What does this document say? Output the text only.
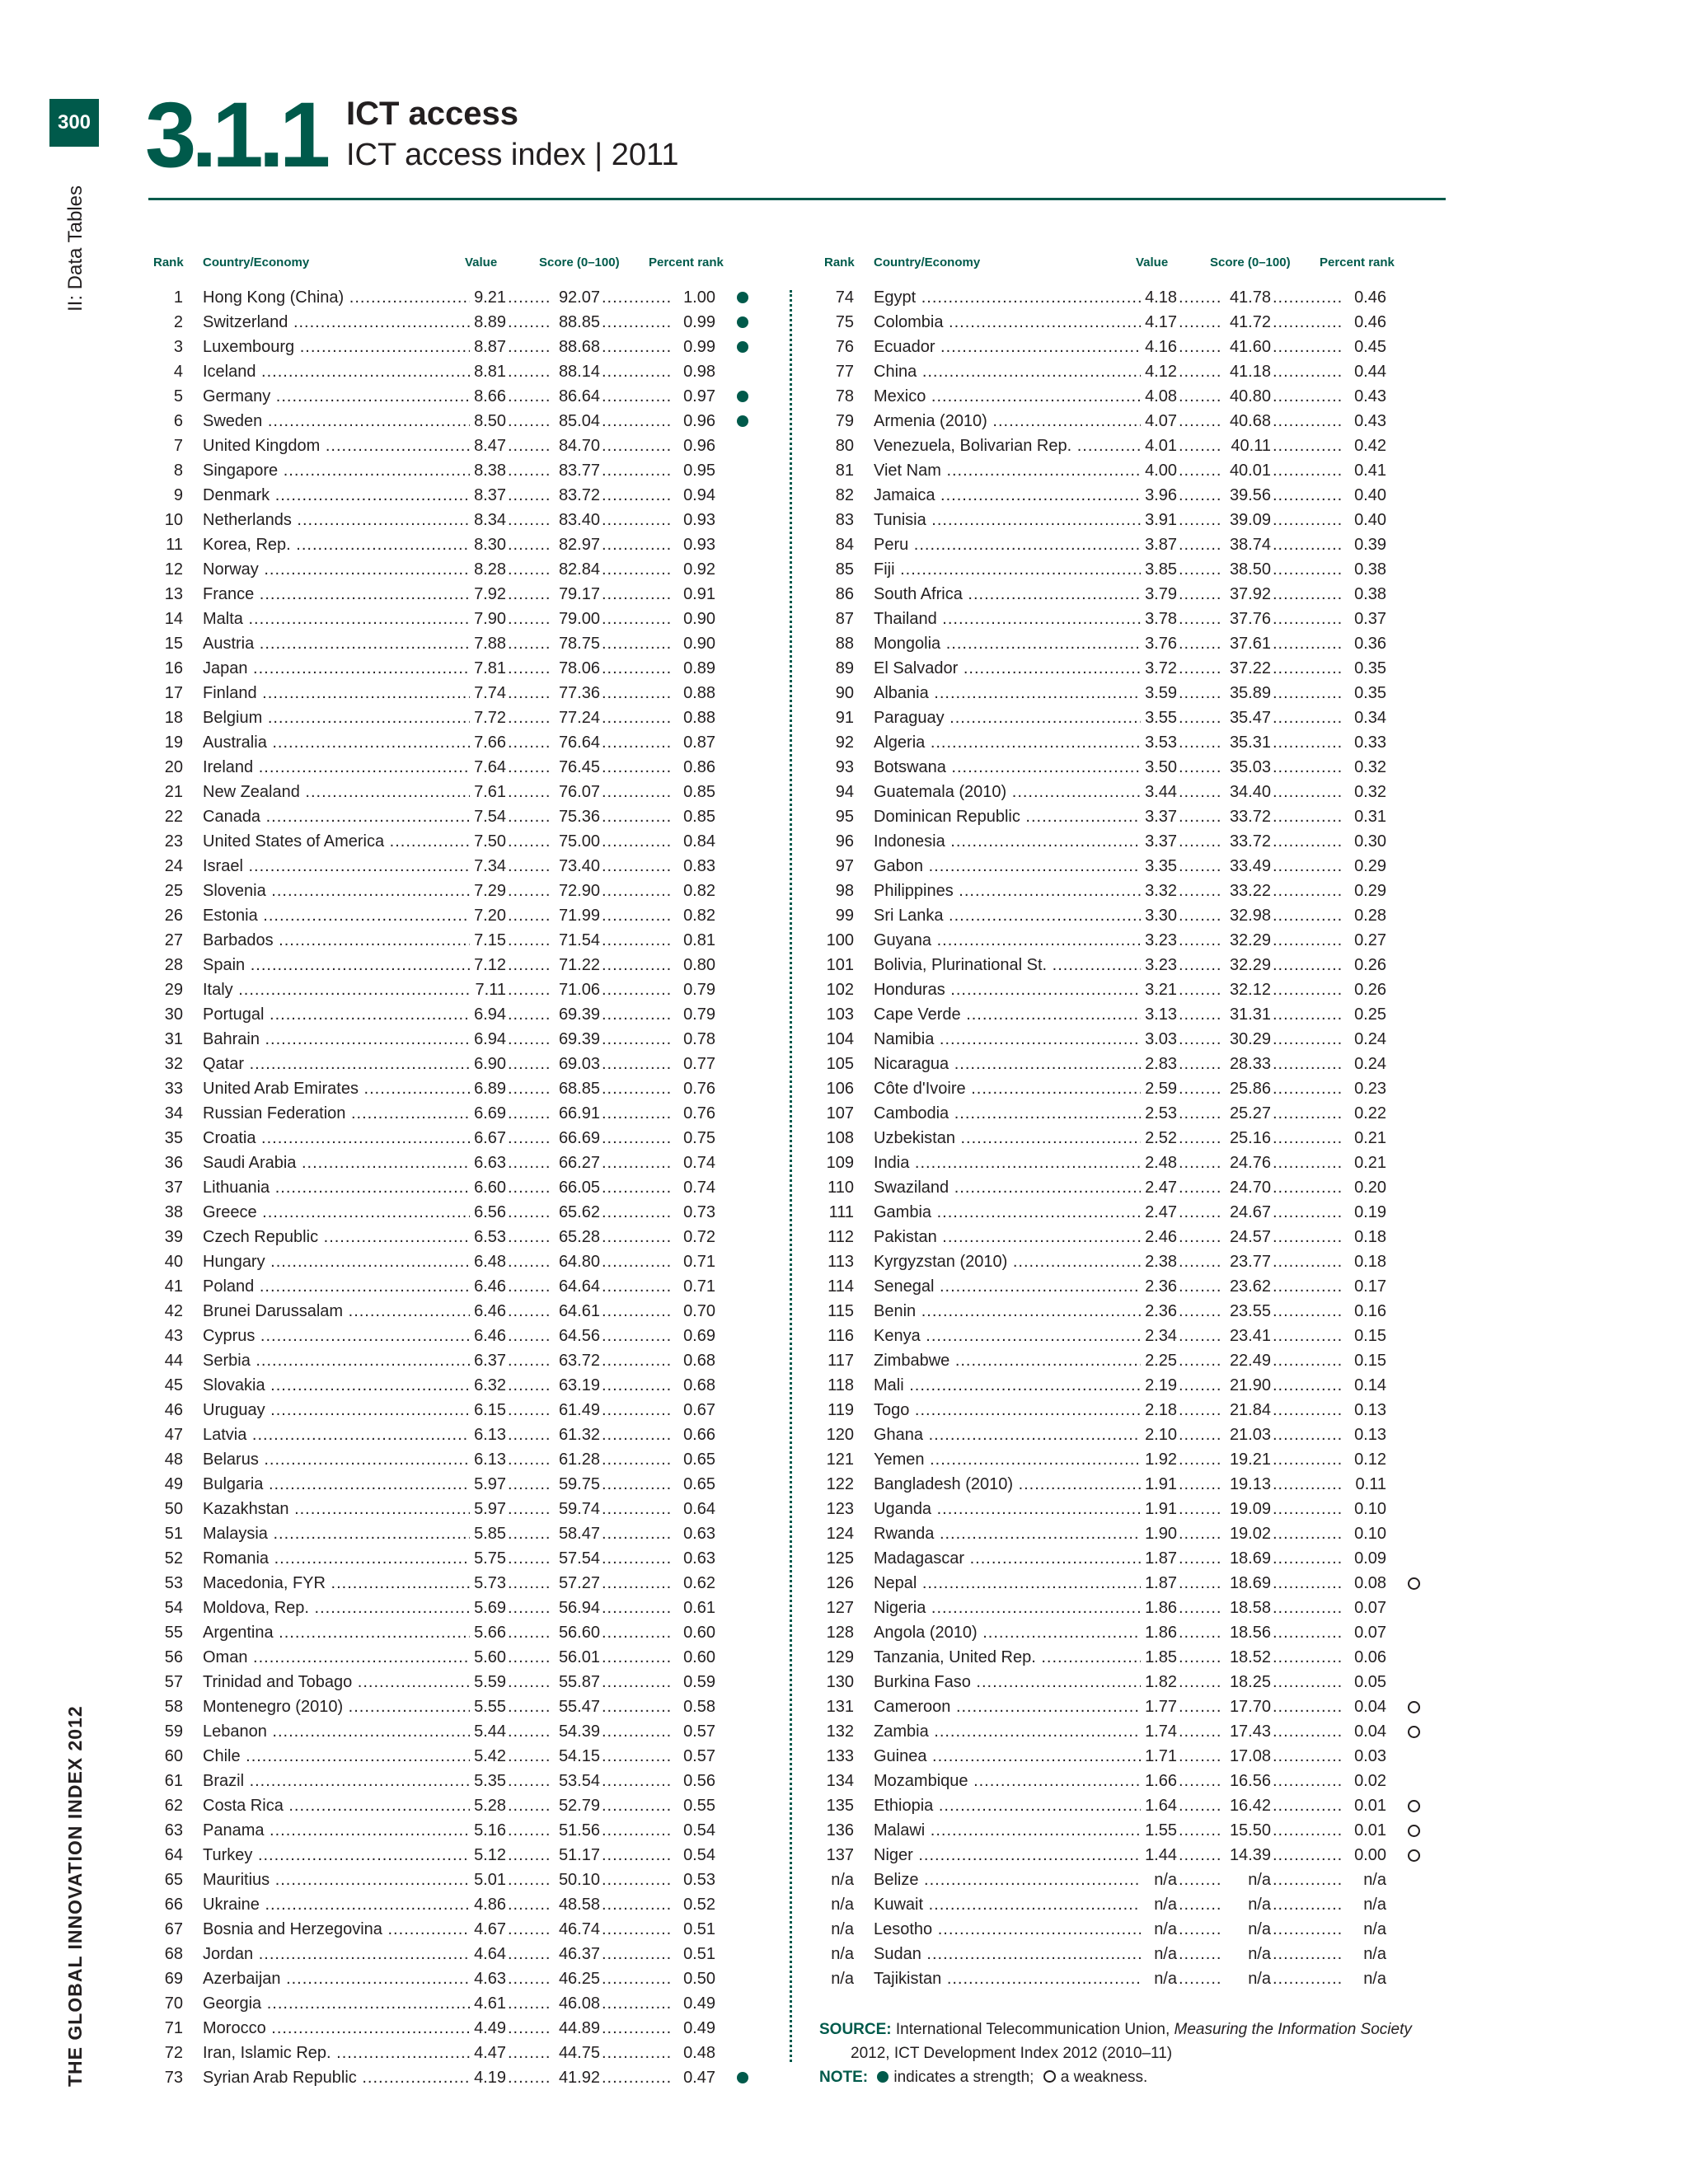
300 3.1.1 ICT access
ICT access index | 2011
II: Data Tables
THE GLOBAL INNOVATION INDEX 2012
Rank Country/Economy	Value	Score (0–100) Percent rank
1 Hong Kong (China) ..... .....	9.21 .....	92.07	1.00
2 Switzerland ..... .....	8.89 .....	88.85	0.99
3 Luxembourg ..... .....	8.87 .....	88.68	0.99
4 Iceland ..... .....	8.81 .....	88.14	0.98
5 Germany ..... .....	8.66 .....	86.64	0.97
6 Sweden ..... .....	8.50 .....	85.04	0.96
7 United Kingdom ..... .....	8.47 .....	84.70	0.96
8 Singapore ..... .....	8.38 .....	83.77	0.95
9 Denmark ..... .....	8.37 .....	83.72	0.94
10 Netherlands ..... .....	8.34 .....	83.40	0.93
11 Korea, Rep. ..... .....	8.30 .....	82.97	0.93
12 Norway ..... .....	8.28 .....	82.84	0.92
13 France ..... .....	7.92 .....	79.17	0.91
14 Malta ..... .....	7.90 .....	79.00	0.90
15 Austria ..... .....	7.88 .....	78.75	0.90
16 Japan ..... .....	7.81 .....	78.06	0.89
17 Finland ..... .....	7.74 .....	77.36	0.88
18 Belgium ..... .....	7.72 .....	77.24	0.88
19 Australia ..... .....	7.66 .....	76.64	0.87
20 Ireland ..... .....	7.64 .....	76.45	0.86
21 New Zealand ..... .....	7.61 .....	76.07	0.85
22 Canada ..... .....	7.54 .....	75.36	0.85
23 United States of America ..... .....	7.50 .....	75.00	0.84
24 Israel ..... .....	7.34 .....	73.40	0.83
25 Slovenia ..... .....	7.29 .....	72.90	0.82
26 Estonia ..... .....	7.20 .....	71.99	0.82
27 Barbados ..... .....	7.15 .....	71.54	0.81
28 Spain ..... .....	7.12 .....	71.22	0.80
29 Italy ..... .....	7.11 .....	71.06	0.79
30 Portugal ..... .....	6.94 .....	69.39	0.79
31 Bahrain ..... .....	6.94 .....	69.39	0.78
32 Qatar ..... .....	6.90 .....	69.03	0.77
33 United Arab Emirates ..... .....	6.89 .....	68.85	0.76
34 Russian Federation ..... .....	6.69 .....	66.91	0.76
35 Croatia ..... .....	6.67 .....	66.69	0.75
36 Saudi Arabia ..... .....	6.63 .....	66.27	0.74
37 Lithuania ..... .....	6.60 .....	66.05	0.74
38 Greece ..... .....	6.56 .....	65.62	0.73
39 Czech Republic ..... .....	6.53 .....	65.28	0.72
40 Hungary ..... .....	6.48 .....	64.80	0.71
41 Poland ..... .....	6.46 .....	64.64	0.71
42 Brunei Darussalam ..... .....	6.46 .....	64.61	0.70
43 Cyprus ..... .....	6.46 .....	64.56	0.69
44 Serbia ..... .....	6.37 .....	63.72	0.68
45 Slovakia ..... .....	6.32 .....	63.19	0.68
46 Uruguay ..... .....	6.15 .....	61.49	0.67
47 Latvia ..... .....	6.13 .....	61.32	0.66
48 Belarus ..... .....	6.13 .....	61.28	0.65
49 Bulgaria ..... .....	5.97 .....	59.75	0.65
50 Kazakhstan ..... .....	5.97 .....	59.74	0.64
51 Malaysia ..... .....	5.85 .....	58.47	0.63
52 Romania ..... .....	5.75 .....	57.54	0.63
53 Macedonia, FYR ..... .....	5.73 .....	57.27	0.62
54 Moldova, Rep. ..... .....	5.69 .....	56.94	0.61
55 Argentina ..... .....	5.66 .....	56.60	0.60
56 Oman ..... .....	5.60 .....	56.01	0.60
57 Trinidad and Tobago ..... .....	5.59 .....	55.87	0.59
58 Montenegro (2010) ..... .....	5.55 .....	55.47	0.58
59 Lebanon ..... .....	5.44 .....	54.39	0.57
60 Chile ..... .....	5.42 .....	54.15	0.57
61 Brazil ..... .....	5.35 .....	53.54	0.56
62 Costa Rica ..... .....	5.28 .....	52.79	0.55
63 Panama ..... .....	5.16 .....	51.56	0.54
64 Turkey ..... .....	5.12 .....	51.17	0.54
65 Mauritius ..... .....	5.01 .....	50.10	0.53
66 Ukraine ..... .....	4.86 .....	48.58	0.52
67 Bosnia and Herzegovina ..... .....	4.67 .....	46.74	0.51
68 Jordan ..... .....	4.64 .....	46.37	0.51
69 Azerbaijan ..... .....	4.63 .....	46.25	0.50
70 Georgia ..... .....	4.61 .....	46.08	0.49
71 Morocco ..... .....	4.49 .....	44.89	0.49
72 Iran, Islamic Rep. ..... .....	4.47 .....	44.75	0.48
73 Syrian Arab Republic ..... .....	4.19 .....	41.92	0.47
Rank Country/Economy	Value	Score (0–100) Percent rank
74 Egypt ..... .....	4.18 .....	41.78	0.46
75 Colombia ..... .....	4.17 .....	41.72	0.46
76 Ecuador ..... .....	4.16 .....	41.60	0.45
77 China ..... .....	4.12 .....	41.18	0.44
78 Mexico ..... .....	4.08 .....	40.80	0.43
79 Armenia (2010) ..... .....	4.07 .....	40.68	0.43
80 Venezuela, Bolivarian Rep. ..... .....	4.01 .....	40.11	0.42
81 Viet Nam ..... .....	4.00 .....	40.01	0.41
82 Jamaica ..... .....	3.96 .....	39.56	0.40
83 Tunisia ..... .....	3.91 .....	39.09	0.40
84 Peru ..... .....	3.87 .....	38.74	0.39
85 Fiji ..... .....	3.85 .....	38.50	0.38
86 South Africa ..... .....	3.79 .....	37.92	0.38
87 Thailand ..... .....	3.78 .....	37.76	0.37
88 Mongolia ..... .....	3.76 .....	37.61	0.36
89 El Salvador ..... .....	3.72 .....	37.22	0.35
90 Albania ..... .....	3.59 .....	35.89	0.35
91 Paraguay ..... .....	3.55 .....	35.47	0.34
92 Algeria ..... .....	3.53 .....	35.31	0.33
93 Botswana ..... .....	3.50 .....	35.03	0.32
94 Guatemala (2010) ..... .....	3.44 .....	34.40	0.32
95 Dominican Republic ..... .....	3.37 .....	33.72	0.31
96 Indonesia ..... .....	3.37 .....	33.72	0.30
97 Gabon ..... .....	3.35 .....	33.49	0.29
98 Philippines ..... .....	3.32 .....	33.22	0.29
99 Sri Lanka ..... .....	3.30 .....	32.98	0.28
100 Guyana ..... .....	3.23 .....	32.29	0.27
101 Bolivia, Plurinational St. ..... .....	3.23 .....	32.29	0.26
102 Honduras ..... .....	3.21 .....	32.12	0.26
103 Cape Verde ..... .....	3.13 .....	31.31	0.25
104 Namibia ..... .....	3.03 .....	30.29	0.24
105 Nicaragua ..... .....	2.83 .....	28.33	0.24
106 Côte d'Ivoire ..... .....	2.59 .....	25.86	0.23
107 Cambodia ..... .....	2.53 .....	25.27	0.22
108 Uzbekistan ..... .....	2.52 .....	25.16	0.21
109 India ..... .....	2.48 .....	24.76	0.21
110 Swaziland ..... .....	2.47 .....	24.70	0.20
111 Gambia ..... .....	2.47 .....	24.67	0.19
112 Pakistan ..... .....	2.46 .....	24.57	0.18
113 Kyrgyzstan (2010) ..... .....	2.38 .....	23.77	0.18
114 Senegal ..... .....	2.36 .....	23.62	0.17
115 Benin ..... .....	2.36 .....	23.55	0.16
116 Kenya ..... .....	2.34 .....	23.41	0.15
117 Zimbabwe ..... .....	2.25 .....	22.49	0.15
118 Mali ..... .....	2.19 .....	21.90	0.14
119 Togo ..... .....	2.18 .....	21.84	0.13
120 Ghana ..... .....	2.10 .....	21.03	0.13
121 Yemen ..... .....	1.92 .....	19.21	0.12
122 Bangladesh (2010) ..... .....	1.91 .....	19.13	0.11
123 Uganda ..... .....	1.91 .....	19.09	0.10
124 Rwanda ..... .....	1.90 .....	19.02	0.10
125 Madagascar ..... .....	1.87 .....	18.69	0.09
126 Nepal ..... .....	1.87 .....	18.69	0.08
127 Nigeria ..... .....	1.86 .....	18.58	0.07
128 Angola (2010) ..... .....	1.86 .....	18.56	0.07
129 Tanzania, United Rep. ..... .....	1.85 .....	18.52	0.06
130 Burkina Faso ..... .....	1.82 .....	18.25	0.05
131 Cameroon ..... .....	1.77 .....	17.70	0.04
132 Zambia ..... .....	1.74 .....	17.43	0.04
133 Guinea ..... .....	1.71 .....	17.08	0.03
134 Mozambique ..... .....	1.66 .....	16.56	0.02
135 Ethiopia ..... .....	1.64 .....	16.42	0.01
136 Malawi ..... .....	1.55 .....	15.50	0.01
137 Niger ..... .....	1.44 .....	14.39	0.00
n/a Belize ..... .....	n/a .....	n/a	n/a
n/a Kuwait ..... .....	n/a .....	n/a	n/a
n/a Lesotho ..... .....	n/a .....	n/a	n/a
n/a Sudan ..... .....	n/a .....	n/a	n/a
n/a Tajikistan ..... .....	n/a .....	n/a	n/a
SOURCE: International Telecommunication Union, Measuring the Information Society
2012, ICT Development Index 2012 (2010–11)
NOTE: indicates a strength; a weakness.
